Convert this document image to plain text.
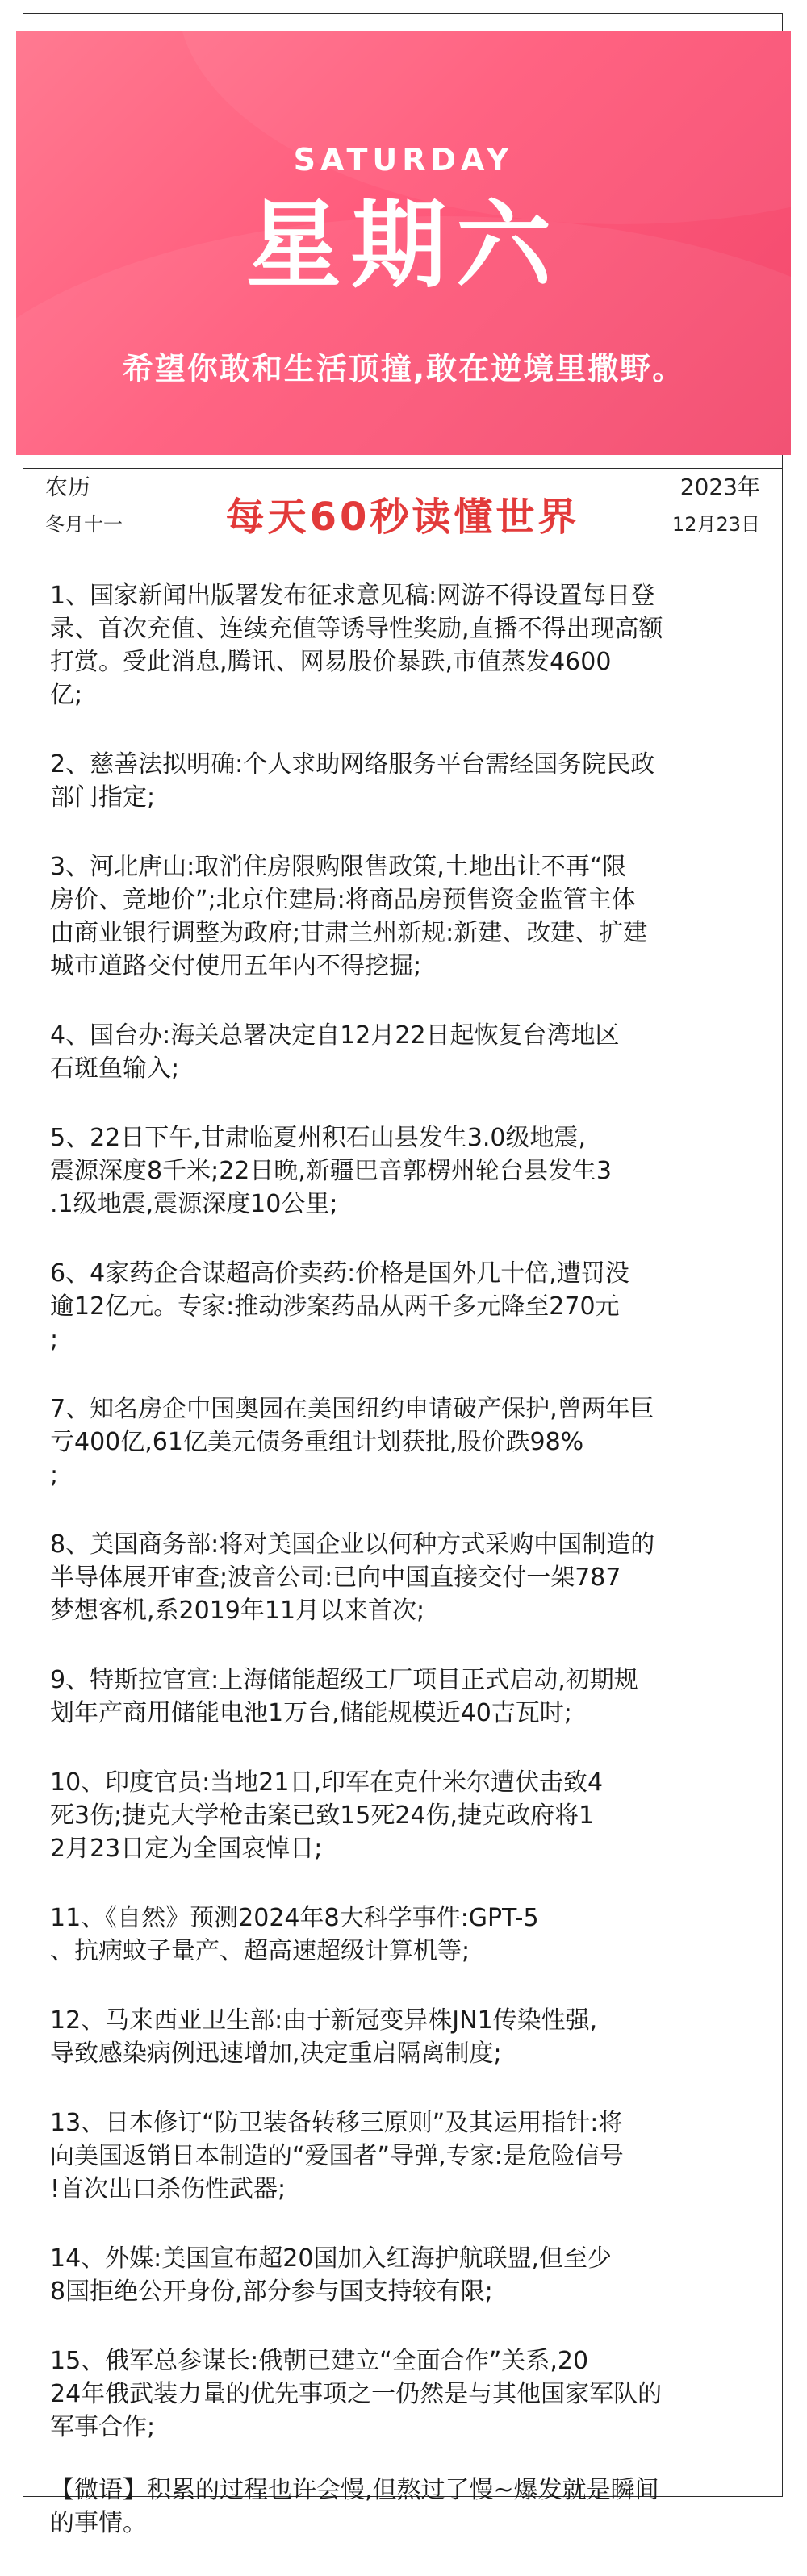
SATURDAY
星期六
希望你敢和生活顶撞,敢在逆境里撒野。
农历
冬月十一	每天60秒读懂世界
2023年
12月23日
1、国家新闻出版署发布征求意见稿:网游不得设置每日登
录、首次充值、连续充值等诱导性奖励,直播不得出现高额
打赏。受此消息,腾讯、网易股价暴跌,市值蒸发4600
亿;
2、慈善法拟明确:个人求助网络服务平台需经国务院民政
部门指定;
3、河北唐山:取消住房限购限售政策,土地出让不再“限
房价、竞地价”;北京住建局:将商品房预售资金监管主体
由商业银行调整为政府;甘肃兰州新规:新建、改建、扩建
城市道路交付使用五年内不得挖掘;
4、国台办:海关总署决定自12月22日起恢复台湾地区
石斑鱼输入;
5、22日下午,甘肃临夏州积石山县发生3.0级地震,
震源深度8千米;22日晚,新疆巴音郭楞州轮台县发生3
.1级地震,震源深度10公里;
6、4家药企合谋超高价卖药:价格是国外几十倍,遭罚没
逾12亿元。专家:推动涉案药品从两千多元降至270元
;
7、知名房企中国奥园在美国纽约申请破产保护,曾两年巨
亏400亿,61亿美元债务重组计划获批,股价跌98%
;
8、美国商务部:将对美国企业以何种方式采购中国制造的
半导体展开审查;波音公司:已向中国直接交付一架787
梦想客机,系2019年11月以来首次;
9、特斯拉官宣:上海储能超级工厂项目正式启动,初期规
划年产商用储能电池1万台,储能规模近40吉瓦时;
10、印度官员:当地21日,印军在克什米尔遭伏击致4
死3伤;捷克大学枪击案已致15死24伤,捷克政府将1
2月23日定为全国哀悼日;
11、《自然》预测2024年8大科学事件:GPT-5
、抗病蚊子量产、超高速超级计算机等;
12、马来西亚卫生部:由于新冠变异株JN1传染性强,
导致感染病例迅速增加,决定重启隔离制度;
13、日本修订“防卫装备转移三原则”及其运用指针:将
向美国返销日本制造的“爱国者”导弹,专家:是危险信号
!首次出口杀伤性武器;
14、外媒:美国宣布超20国加入红海护航联盟,但至少
8国拒绝公开身份,部分参与国支持较有限;
15、俄军总参谋长:俄朝已建立“全面合作”关系,20
24年俄武装力量的优先事项之一仍然是与其他国家军队的
军事合作;
【微语】积累的过程也许会慢,但熬过了慢~爆发就是瞬间
的事情。
